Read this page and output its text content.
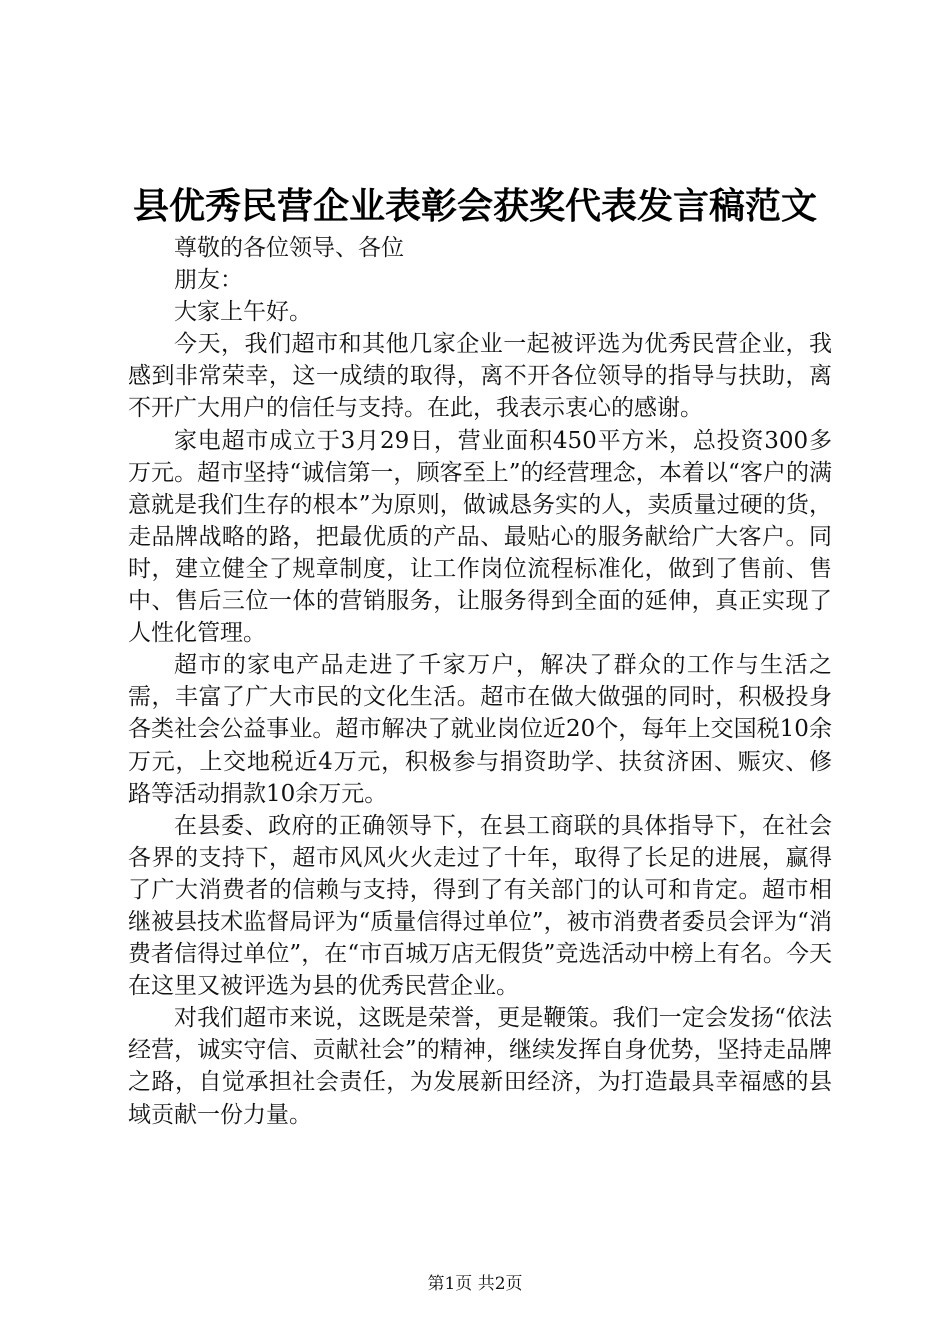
县优秀民营企业表彰会获奖代表发言稿范文

尊敬的各位领导、各位

朋友：

大家上午好。

今天，我们超市和其他几家企业一起被评选为优秀民营企业，我感到非常荣幸，这一成绩的取得，离不开各位领导的指导与扶助，离不开广大用户的信任与支持。在此，我表示衷心的感谢。

家电超市成立于3月29日，营业面积450平方米，总投资300多万元。超市坚持“诚信第一，顾客至上”的经营理念，本着以“客户的满意就是我们生存的根本”为原则，做诚恳务实的人，卖质量过硬的货，走品牌战略的路，把最优质的产品、最贴心的服务献给广大客户。同时，建立健全了规章制度，让工作岗位流程标准化，做到了售前、售中、售后三位一体的营销服务，让服务得到全面的延伸，真正实现了人性化管理。

超市的家电产品走进了千家万户，解决了群众的工作与生活之需，丰富了广大市民的文化生活。超市在做大做强的同时，积极投身各类社会公益事业。超市解决了就业岗位近20个，每年上交国税10余万元，上交地税近4万元，积极参与捐资助学、扶贫济困、赈灾、修路等活动捐款10余万元。

在县委、政府的正确领导下，在县工商联的具体指导下，在社会各界的支持下，超市风风火火走过了十年，取得了长足的进展，赢得了广大消费者的信赖与支持，得到了有关部门的认可和肯定。超市相继被县技术监督局评为“质量信得过单位”，被市消费者委员会评为“消费者信得过单位”，在“市百城万店无假货”竞选活动中榜上有名。今天在这里又被评选为县的优秀民营企业。

对我们超市来说，这既是荣誉，更是鞭策。我们一定会发扬“依法经营，诚实守信、贡献社会”的精神，继续发挥自身优势，坚持走品牌之路，自觉承担社会责任，为发展新田经济，为打造最具幸福感的县域贡献一份力量。

第1页 共2页
